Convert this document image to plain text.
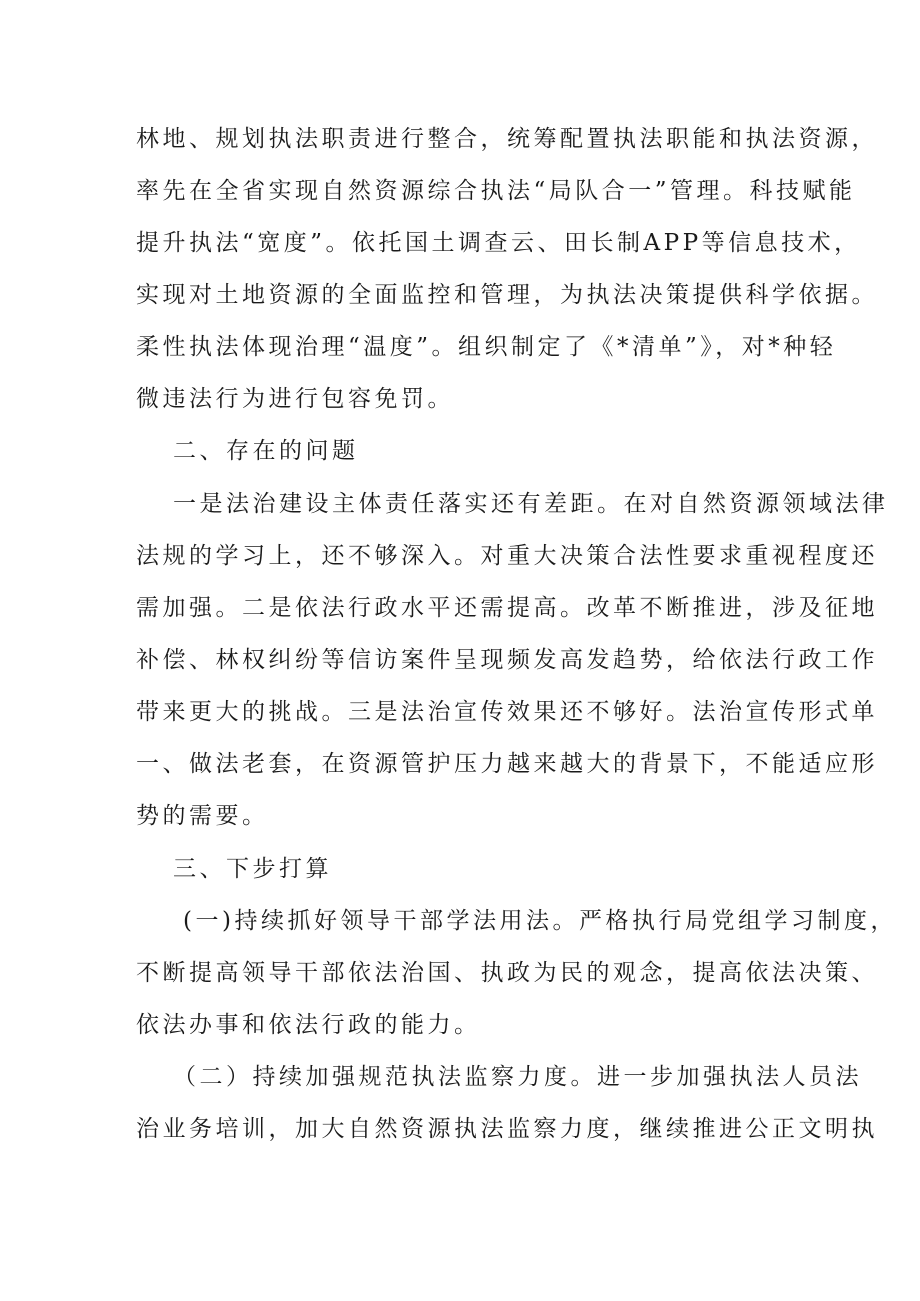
林地、规划执法职责进行整合，统筹配置执法职能和执法资源，
率先在全省实现自然资源综合执法“局队合一”管理。科技赋能
提升执法“宽度”。依托国土调查云、田长制APP等信息技术，
实现对土地资源的全面监控和管理，为执法决策提供科学依据。
柔性执法体现治理“温度”。组织制定了《*清单”》，对*种轻
微违法行为进行包容免罚。
二、存在的问题
一是法治建设主体责任落实还有差距。在对自然资源领域法律
法规的学习上，还不够深入。对重大决策合法性要求重视程度还
需加强。二是依法行政水平还需提高。改革不断推进，涉及征地
补偿、林权纠纷等信访案件呈现频发高发趋势，给依法行政工作
带来更大的挑战。三是法治宣传效果还不够好。法治宣传形式单
一、做法老套，在资源管护压力越来越大的背景下，不能适应形
势的需要。
三、下步打算
(一)持续抓好领导干部学法用法。严格执行局党组学习制度，
不断提高领导干部依法治国、执政为民的观念，提高依法决策、
依法办事和依法行政的能力。
（二）持续加强规范执法监察力度。进一步加强执法人员法
治业务培训，加大自然资源执法监察力度，继续推进公正文明执
